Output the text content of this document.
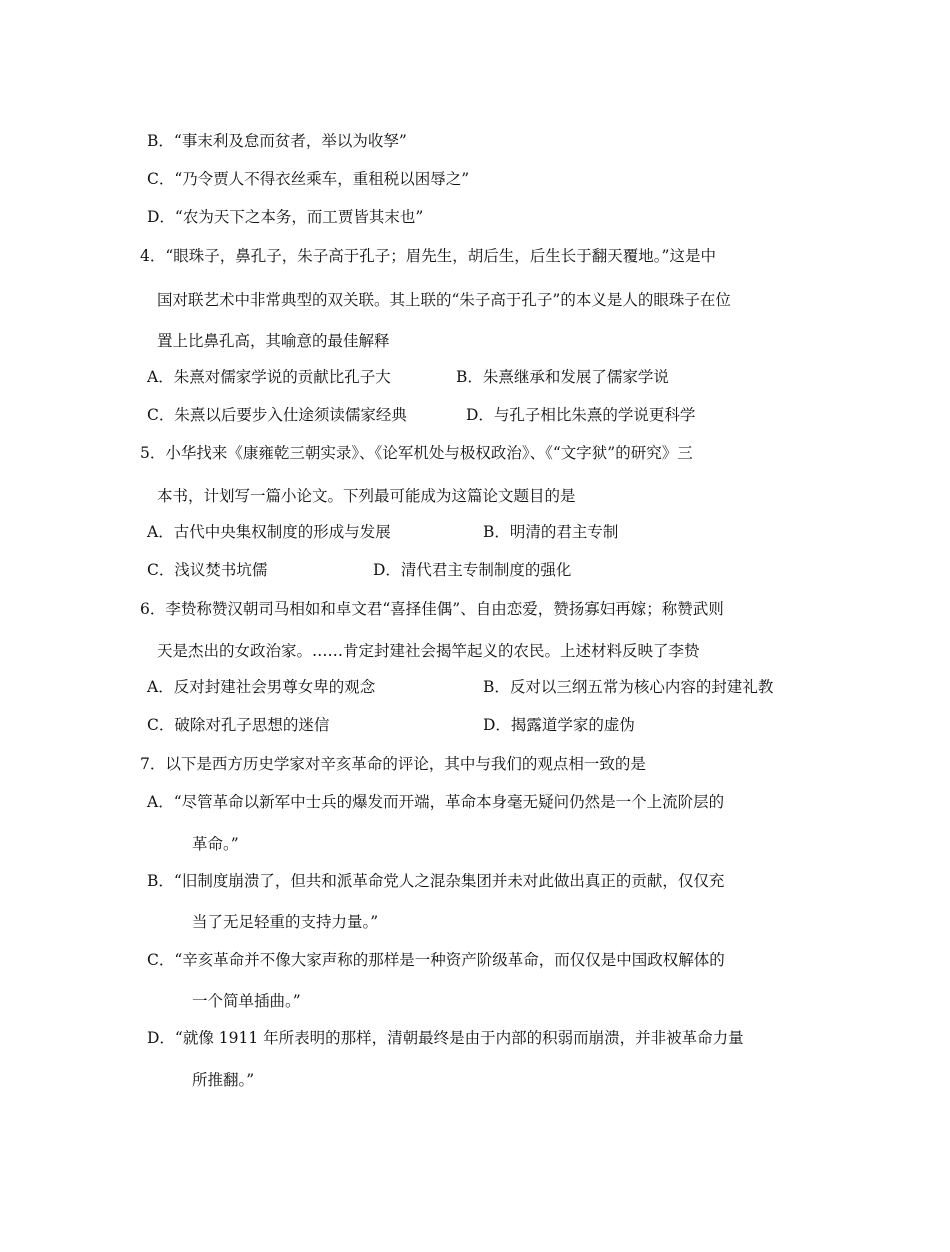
B．“事末利及怠而贫者，举以为收孥”
C．“乃令贾人不得衣丝乘车，重租税以困辱之”
D．“农为天下之本务，而工贾皆其末也”
4．“眼珠子，鼻孔子，朱子高于孔子；眉先生，胡后生，后生长于翻天覆地。”这是中
国对联艺术中非常典型的双关联。其上联的“朱子高于孔子”的本义是人的眼珠子在位
置上比鼻孔高，其喻意的最佳解释
A．朱熹对儒家学说的贡献比孔子大	B．朱熹继承和发展了儒家学说
C．朱熹以后要步入仕途须读儒家经典	D．与孔子相比朱熹的学说更科学
5．小华找来《康雍乾三朝实录》、《论军机处与极权政治》、《“文字狱”的研究》三
本书，计划写一篇小论文。下列最可能成为这篇论文题目的是
A．古代中央集权制度的形成与发展	B．明清的君主专制
C．浅议焚书坑儒	D．清代君主专制制度的强化
6．李贽称赞汉朝司马相如和卓文君“喜择佳偶”、自由恋爱，赞扬寡妇再嫁；称赞武则
天是杰出的女政治家。……肯定封建社会揭竿起义的农民。上述材料反映了李贽
A．反对封建社会男尊女卑的观念	B．反对以三纲五常为核心内容的封建礼教
C．破除对孔子思想的迷信	D．揭露道学家的虚伪
7．以下是西方历史学家对辛亥革命的评论，其中与我们的观点相一致的是
A．“尽管革命以新军中士兵的爆发而开端，革命本身毫无疑问仍然是一个上流阶层的
革命。”
B．“旧制度崩溃了，但共和派革命党人之混杂集团并未对此做出真正的贡献，仅仅充
当了无足轻重的支持力量。”
C．“辛亥革命并不像大家声称的那样是一种资产阶级革命，而仅仅是中国政权解体的
一个简单插曲。”
D．“就像 1911 年所表明的那样，清朝最终是由于内部的积弱而崩溃，并非被革命力量
所推翻。”
